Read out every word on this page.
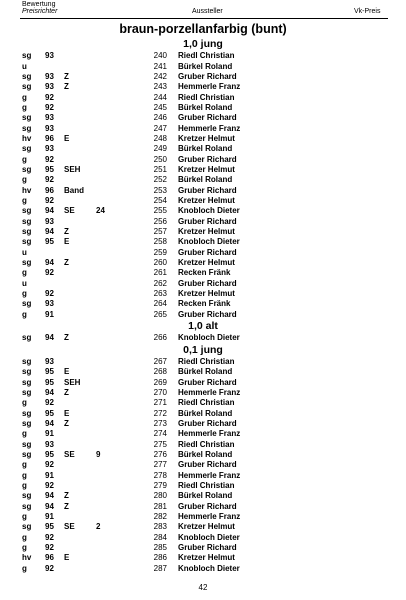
Bewertung
Preisrichter	Aussteller	Vk-Preis
braun-porzellanfarbig (bunt)
1,0 jung
sg 93	240 Riedl Christian
u	241 Bürkel Roland
sg 93 Z	242 Gruber Richard
sg 93 Z	243 Hemmerle Franz
g 92	244 Riedl Christian
g 92	245 Bürkel Roland
sg 93	246 Gruber Richard
sg 93	247 Hemmerle Franz
hv 96 E	248 Kretzer Helmut
sg 93	249 Bürkel Roland
g 92	250 Gruber Richard
sg 95 SEH	251 Kretzer Helmut
g 92	252 Bürkel Roland
hv 96 Band	253 Gruber Richard
g 92	254 Kretzer Helmut
sg 94 SE	24	255 Knobloch Dieter
sg 93	256 Gruber Richard
sg 94 Z	257 Kretzer Helmut
sg 95 E	258 Knobloch Dieter
u	259 Gruber Richard
sg 94 Z	260 Kretzer Helmut
g 92	261 Recken Fränk
u	262 Gruber Richard
g 92	263 Kretzer Helmut
sg 93	264 Recken Fränk
g 91	265 Gruber Richard
1,0 alt
sg 94 Z	266 Knobloch Dieter
0,1 jung
sg 93	267 Riedl Christian
sg 95 E	268 Bürkel Roland
sg 95 SEH	269 Gruber Richard
sg 94 Z	270 Hemmerle Franz
g 92	271 Riedl Christian
sg 95 E	272 Bürkel Roland
sg 94 Z	273 Gruber Richard
g 91	274 Hemmerle Franz
sg 93	275 Riedl Christian
sg 95 SE	9	276 Bürkel Roland
g 92	277 Gruber Richard
g 91	278 Hemmerle Franz
g 92	279 Riedl Christian
sg 94 Z	280 Bürkel Roland
sg 94 Z	281 Gruber Richard
g 91	282 Hemmerle Franz
sg 95 SE	2	283 Kretzer Helmut
g 92	284 Knobloch Dieter
g 92	285 Gruber Richard
hv 96 E	286 Kretzer Helmut
g 92	287 Knobloch Dieter
42
